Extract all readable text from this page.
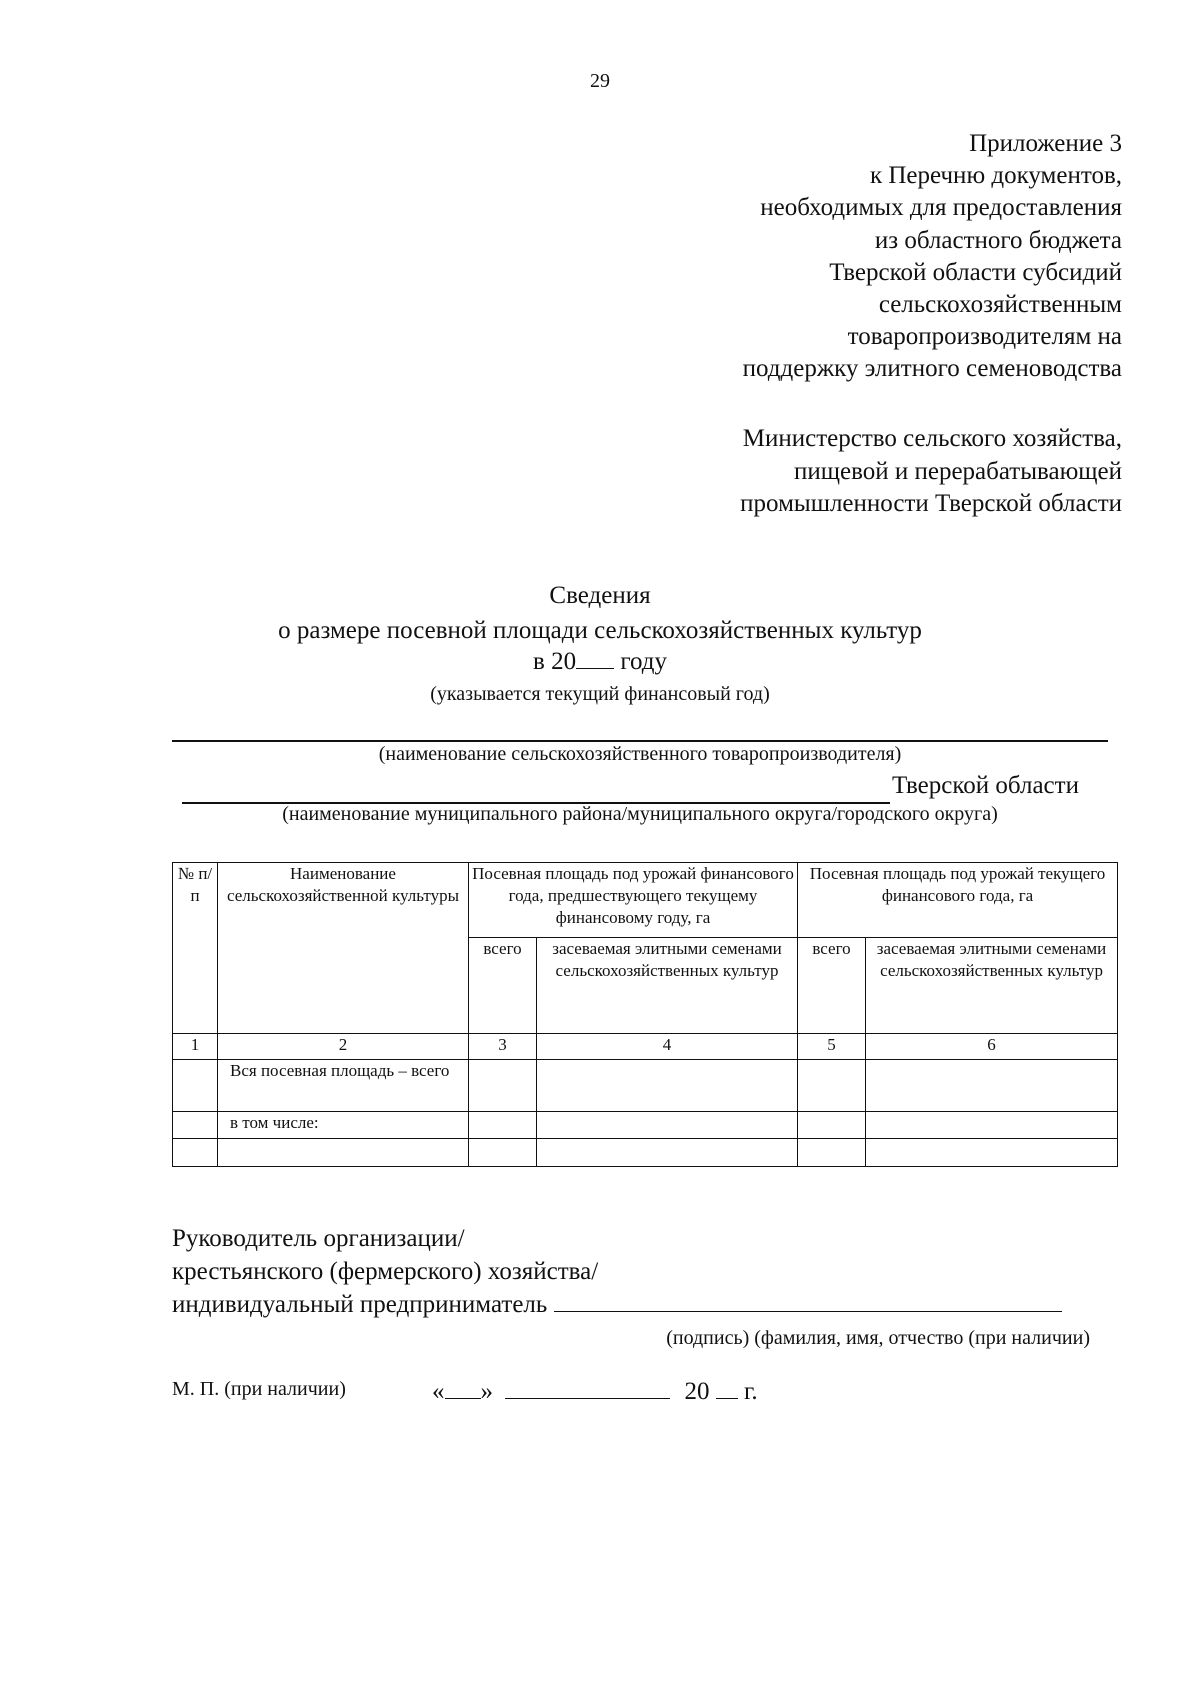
29
Приложение 3
к Перечню документов,
необходимых для предоставления
из областного бюджета
Тверской области субсидий
сельскохозяйственным
товаропроизводителям на
поддержку элитного семеноводства
Министерство сельского хозяйства,
пищевой и перерабатывающей
промышленности Тверской области
Сведения
о размере посевной площади сельскохозяйственных культур
в 20 году
(указывается текущий финансовый год)
(наименование сельскохозяйственного товаропроизводителя)
Тверской области
(наименование муниципального района/муниципального округа/городского округа)
№ п/п	Наименование сельскохозяйственной культуры	Посевная площадь под урожай финансового года, предшествующего текущему финансовому году, га		Посевная площадь под урожай текущего финансового года, га	
		всего	засеваемая элитными семенами сельскохозяйственных культур	всего	засеваемая элитными семенами сельскохозяйственных культур
1	2	3	4	5	6
	Вся посевная площадь – всего				
	в том числе:				

Руководитель организации/
крестьянского (фермерского) хозяйства/
индивидуальный предприниматель
(подпись) (фамилия, имя, отчество (при наличии)
М. П. (при наличии)	« »	20 г.
